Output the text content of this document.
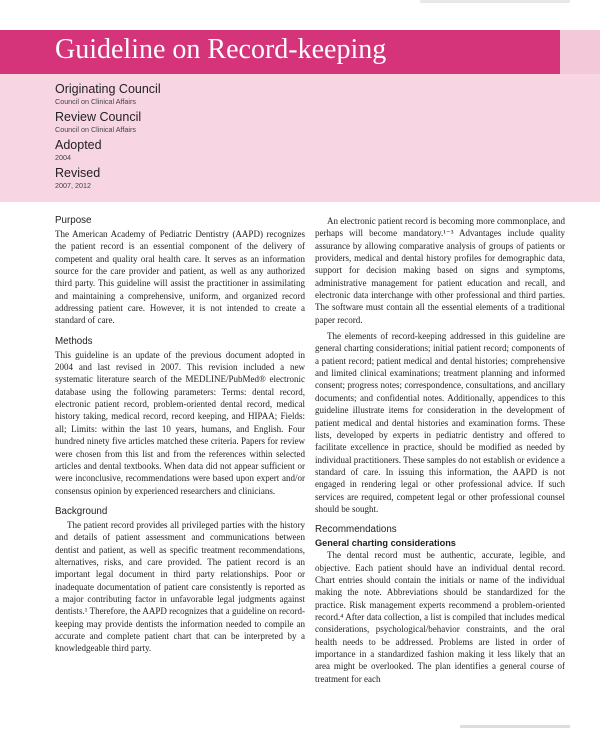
Guideline on Record-keeping
Originating Council
Council on Clinical Affairs
Review Council
Council on Clinical Affairs
Adopted
2004
Revised
2007, 2012
Purpose

The American Academy of Pediatric Dentistry (AAPD) recognizes the patient record is an essential component of the delivery of competent and quality oral health care. It serves as an information source for the care provider and patient, as well as any authorized third party. This guideline will assist the practitioner in assimilating and maintaining a comprehensive, uniform, and organized record addressing patient care. However, it is not intended to create a standard of care.

Methods

This guideline is an update of the previous document adopted in 2004 and last revised in 2007. This revision included a new systematic literature search of the MEDLINE/PubMed® electronic database using the following parameters: Terms: dental record, electronic patient record, problem-oriented dental record, medical history taking, medical record, record keeping, and HIPAA; Fields: all; Limits: within the last 10 years, humans, and English. Four hundred ninety five articles matched these criteria. Papers for review were chosen from this list and from the references within selected articles and dental textbooks. When data did not appear sufficient or were inconclusive, recommendations were based upon expert and/or consensus opinion by experienced researchers and clinicians.

Background

The patient record provides all privileged parties with the history and details of patient assessment and communications between dentist and patient, as well as specific treatment recommendations, alternatives, risks, and care provided. The patient record is an important legal document in third party relationships. Poor or inadequate documentation of patient care consistently is reported as a major contributing factor in unfavorable legal judgments against dentists.¹ Therefore, the AAPD recognizes that a guideline on record-keeping may provide dentists the information needed to compile an accurate and complete patient chart that can be interpreted by a knowledgeable third party.

An electronic patient record is becoming more commonplace, and perhaps will become mandatory.¹⁻³ Advantages include quality assurance by allowing comparative analysis of groups of patients or providers, medical and dental history profiles for demographic data, support for decision making based on signs and symptoms, administrative management for patient education and recall, and electronic data interchange with other professional and third parties. The software must contain all the essential elements of a traditional paper record.

The elements of record-keeping addressed in this guideline are general charting considerations; initial patient record; components of a patient record; patient medical and dental histories; comprehensive and limited clinical examinations; treatment planning and informed consent; progress notes; correspondence, consultations, and ancillary documents; and confidential notes. Additionally, appendices to this guideline illustrate items for consideration in the development of patient medical and dental histories and examination forms. These lists, developed by experts in pediatric dentistry and offered to facilitate excellence in practice, should be modified as needed by individual practitioners. These samples do not establish or evidence a standard of care. In issuing this information, the AAPD is not engaged in rendering legal or other professional advice. If such services are required, competent legal or other professional counsel should be sought.

Recommendations
General charting considerations

The dental record must be authentic, accurate, legible, and objective. Each patient should have an individual dental record. Chart entries should contain the initials or name of the individual making the note. Abbreviations should be standardized for the practice. Risk management experts recommend a problem-oriented record.⁴ After data collection, a list is compiled that includes medical considerations, psychological/behavior constraints, and the oral health needs to be addressed. Problems are listed in order of importance in a standardized fashion making it less likely that an area might be overlooked. The plan identifies a general course of treatment for each
